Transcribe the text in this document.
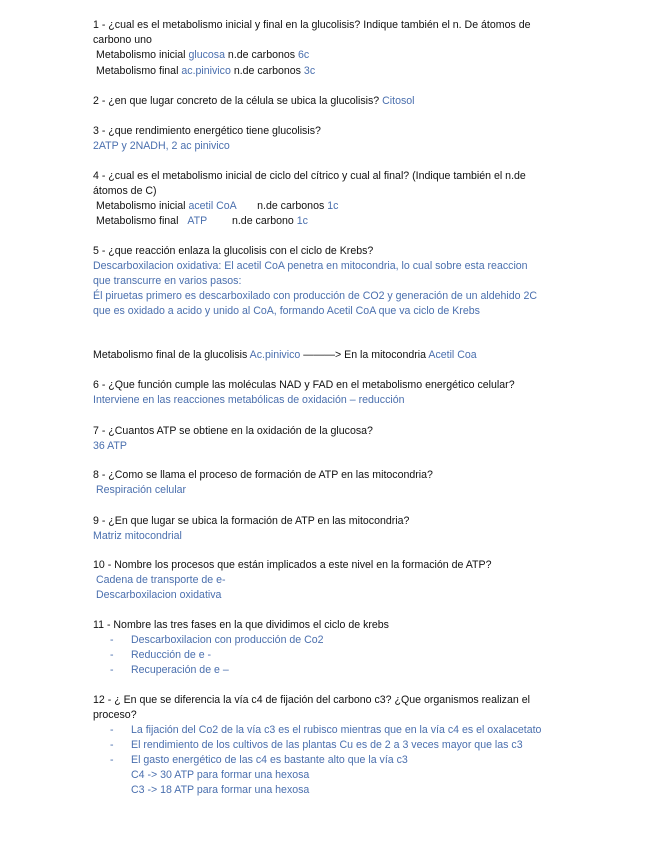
1 - ¿cual es el metabolismo inicial y final en la glucolisis? Indique también el n. De átomos de
carbono uno
Metabolismo inicial glucosa n.de carbonos 6c
Metabolismo final ac.pinivico n.de carbonos 3c
2 - ¿en que lugar concreto de la célula se ubica la glucolisis? Citosol
3 - ¿que rendimiento energético tiene glucolisis?
2ATP y 2NADH, 2 ac pinivico
4 - ¿cual es el metabolismo inicial de ciclo del cítrico y cual al final? (Indique también el n.de
átomos de C)
Metabolismo inicial acetil CoA n.de carbonos 1c
Metabolismo final ATP n.de carbono 1c
5 - ¿que reacción enlaza la glucolisis con el ciclo de Krebs?
Descarboxilacion oxidativa: El acetil CoA penetra en mitocondria, lo cual sobre esta reaccion
que transcurre en varios pasos:
Él piruetas primero es descarboxilado con producción de CO2 y generación de un aldehido 2C
que es oxidado a acido y unido al CoA, formando Acetil CoA que va ciclo de Krebs
Metabolismo final de la glucolisis Ac.pinivico ———> En la mitocondria Acetil Coa
6 - ¿Que función cumple las moléculas NAD y FAD en el metabolismo energético celular?
Interviene en las reacciones metabólicas de oxidación – reducción
7 - ¿Cuantos ATP se obtiene en la oxidación de la glucosa?
36 ATP
8 - ¿Como se llama el proceso de formación de ATP en las mitocondria?
Respiración celular
9 - ¿En que lugar se ubica la formación de ATP en las mitocondria?
Matriz mitocondrial
10 - Nombre los procesos que están implicados a este nivel en la formación de ATP?
Cadena de transporte de e-
Descarboxilacion oxidativa
11 - Nombre las tres fases en la que dividimos el ciclo de krebs
- Descarboxilacion con producción de Co2
- Reducción de e -
- Recuperación de e –
12 - ¿ En que se diferencia la vía c4 de fijación del carbono c3? ¿Que organismos realizan el
proceso?
- La fijación del Co2 de la vía c3 es el rubisco mientras que en la vía c4 es el oxalacetato
- El rendimiento de los cultivos de las plantas Cu es de 2 a 3 veces mayor que las c3
- El gasto energético de las c4 es bastante alto que la vía c3
C4 -> 30 ATP para formar una hexosa
C3 -> 18 ATP para formar una hexosa
